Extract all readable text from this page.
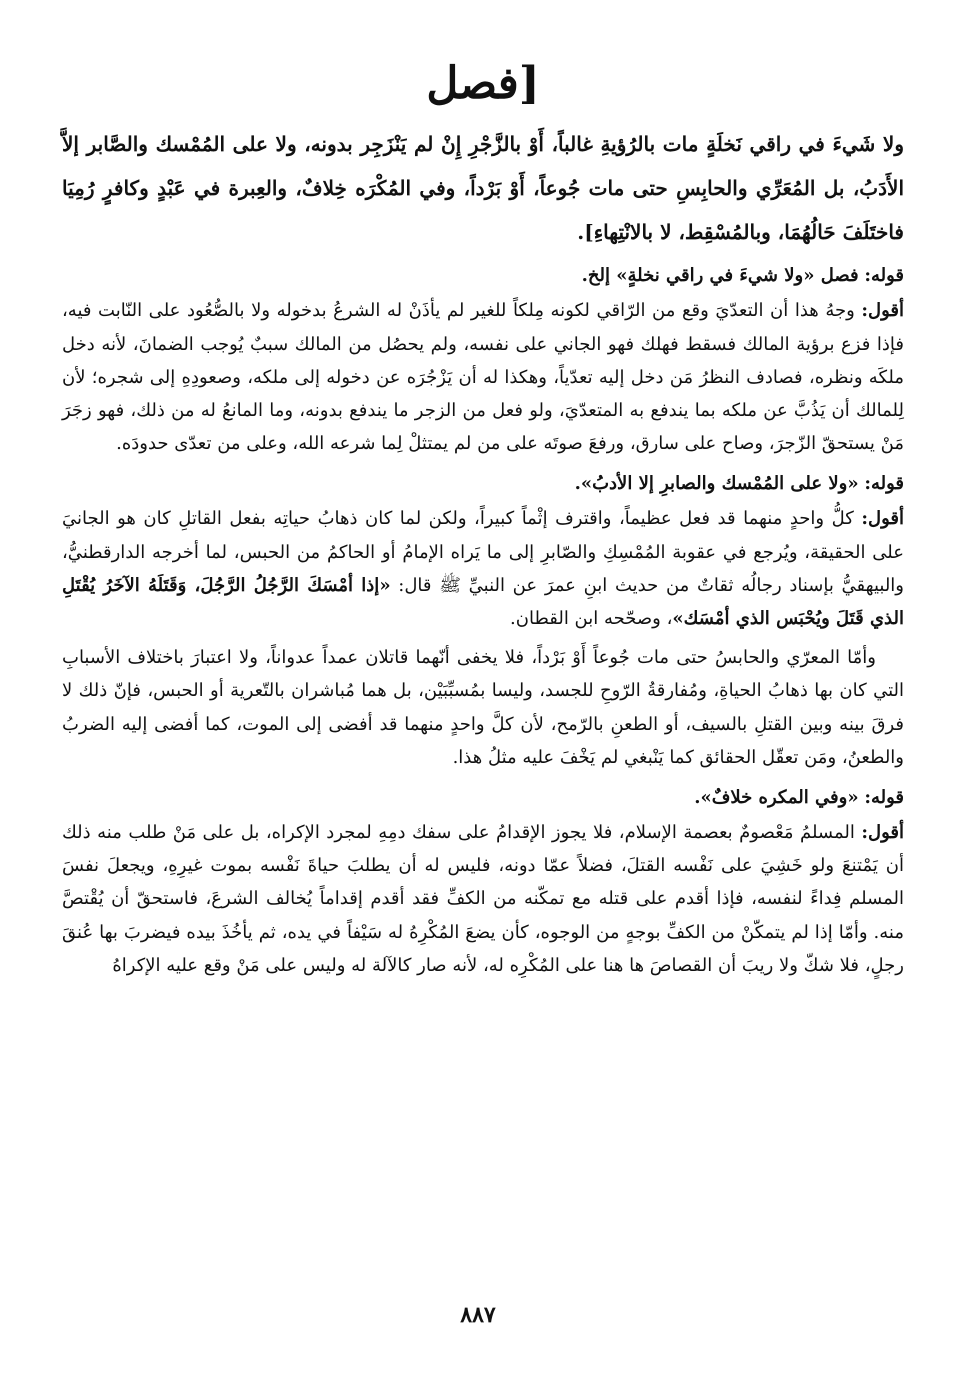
[فصل

ولا شَيءَ في راقي نَخلَةٍ مات بالرُؤيةِ غالباً، أَوْ بالزَّجْرِ إِنْ لم يَنْزَجِر بدونه، ولا على المُمْسك والصَّابر إلاَّ الأَدَبُ، بل المُعَرِّي والحابِسِ حتى مات جُوعاً، أَوْ بَرْداً، وفي المُكْرَه خِلافٌ، والعِبرة في عَبْدٍ وكافرٍ رُمِيَا فاختَلَفَ حَالُهُمَا، وبالمُسْقِط، لا بالانْتِهاءِ].

قوله: فصل «ولا شيءَ في راقي نخلةٍ» إلخ.

أقول: وجهُ هذا أن التعدّيَ وقع من الرّاقي لكونه مِلكاً للغير لم يأذَنْ له الشرعُ بدخوله ولا بالصُّعُود على النّابت فيه، فإذا فزع برؤية المالك فسقط فهلك فهو الجاني على نفسه، ولم يحصُل من المالك سببٌ يُوجب الضمانَ، لأنه دخل ملكَه ونظره، فصادف النظرُ مَن دخل إليه تعدّياً، وهكذا له أن يَزْجُرَه عن دخوله إلى ملكه، وصعودِهِ إلى شجره؛ لأن لِلمالك أن يَذُبَّ عن ملكه بما يندفع به المتعدّيَ، ولو فعل من الزجر ما يندفع بدونه، وما المانعُ له من ذلك، فهو زجَرَ مَنْ يستحقّ الزّجرَ، وصاح على سارق، ورفعَ صوتَه على من لم يمتثلْ لِما شرعه الله، وعلى من تعدّى حدودَه.

قوله: «ولا على المُمْسك والصابرِ إلا الأدبُ».

أقول: كلُّ واحدٍ منهما قد فعل عظيماً، واقترف إثْماً كبيراً، ولكن لما كان ذهابُ حياتِه بفعل القاتلِ كان هو الجانيَ على الحقيقة، ويُرجع في عقوبة المُمْسِكِ والصّابرِ إلى ما يَراه الإمامُ أو الحاكمُ من الحبس، لما أخرجه الدارقطنيُّ، والبيهقيُّ بإسناد رجالُه ثقاتٌ من حديث ابنِ عمرَ عن النبيِّ ﷺ قال: «إذا أمْسَكَ الرَّجُلُ الرَّجُلَ، وَقَتَلَهُ الآخَرُ يُقْتَلِ الذي قَتَلَ ويُحْبَس الذي أمْسَك»، وصحّحه ابن القطان.

وأمّا المعرّي والحابسُ حتى مات جُوعاً أَوْ بَرْداً، فلا يخفى أنّهما قاتلان عمداً عدواناً، ولا اعتبارَ باختلاف الأسبابِ التي كان بها ذهابُ الحياةِ، ومُفارقةُ الرّوحِ للجسد، وليسا بمُسبِّبَيْن، بل هما مُباشران بالتّعرية أو الحبس، فإنّ ذلك لا فرقَ بينه وبين القتلِ بالسيف، أو الطعنِ بالرّمح، لأن كلَّ واحدٍ منهما قد أفضى إلى الموت، كما أفضى إليه الضربُ والطعنُ، ومَن تعقّل الحقائق كما يَنْبغي لم يَخْفَ عليه مثلُ هذا.

قوله: «وفي المكره خلافٌ».

أقول: المسلمُ مَعْصومٌ بعصمة الإسلام، فلا يجوز الإقدامُ على سفك دمِهِ لمجرد الإكراه، بل على مَنْ طلب منه ذلك أن يَمْتنعَ ولو خَشِيَ على نَفْسه القتلَ، فضلاً عمّا دونه، فليس له أن يطلبَ حياةَ نَفْسه بموت غيرِهِ، ويجعلَ نفسَ المسلم فِداءً لنفسه، فإذا أقدم على قتله مع تمكّنه من الكفِّ فقد أقدم إقداماً يُخالف الشرعَ، فاستحقّ أن يُقْتصَّ منه. وأمّا إذا لم يتمكّنْ من الكفِّ بوجهٍ من الوجوه، كأن يضعَ المُكْرِهُ له سَيْفاً في يده، ثم يأخُذَ بيده فيضربَ بها عُنقَ رجلٍ، فلا شكّ ولا ريبَ أن القصاصَ ها هنا على المُكْرِه له، لأنه صار كالآلة له وليس على مَنْ وقع عليه الإكراهُ

٨٨٧
